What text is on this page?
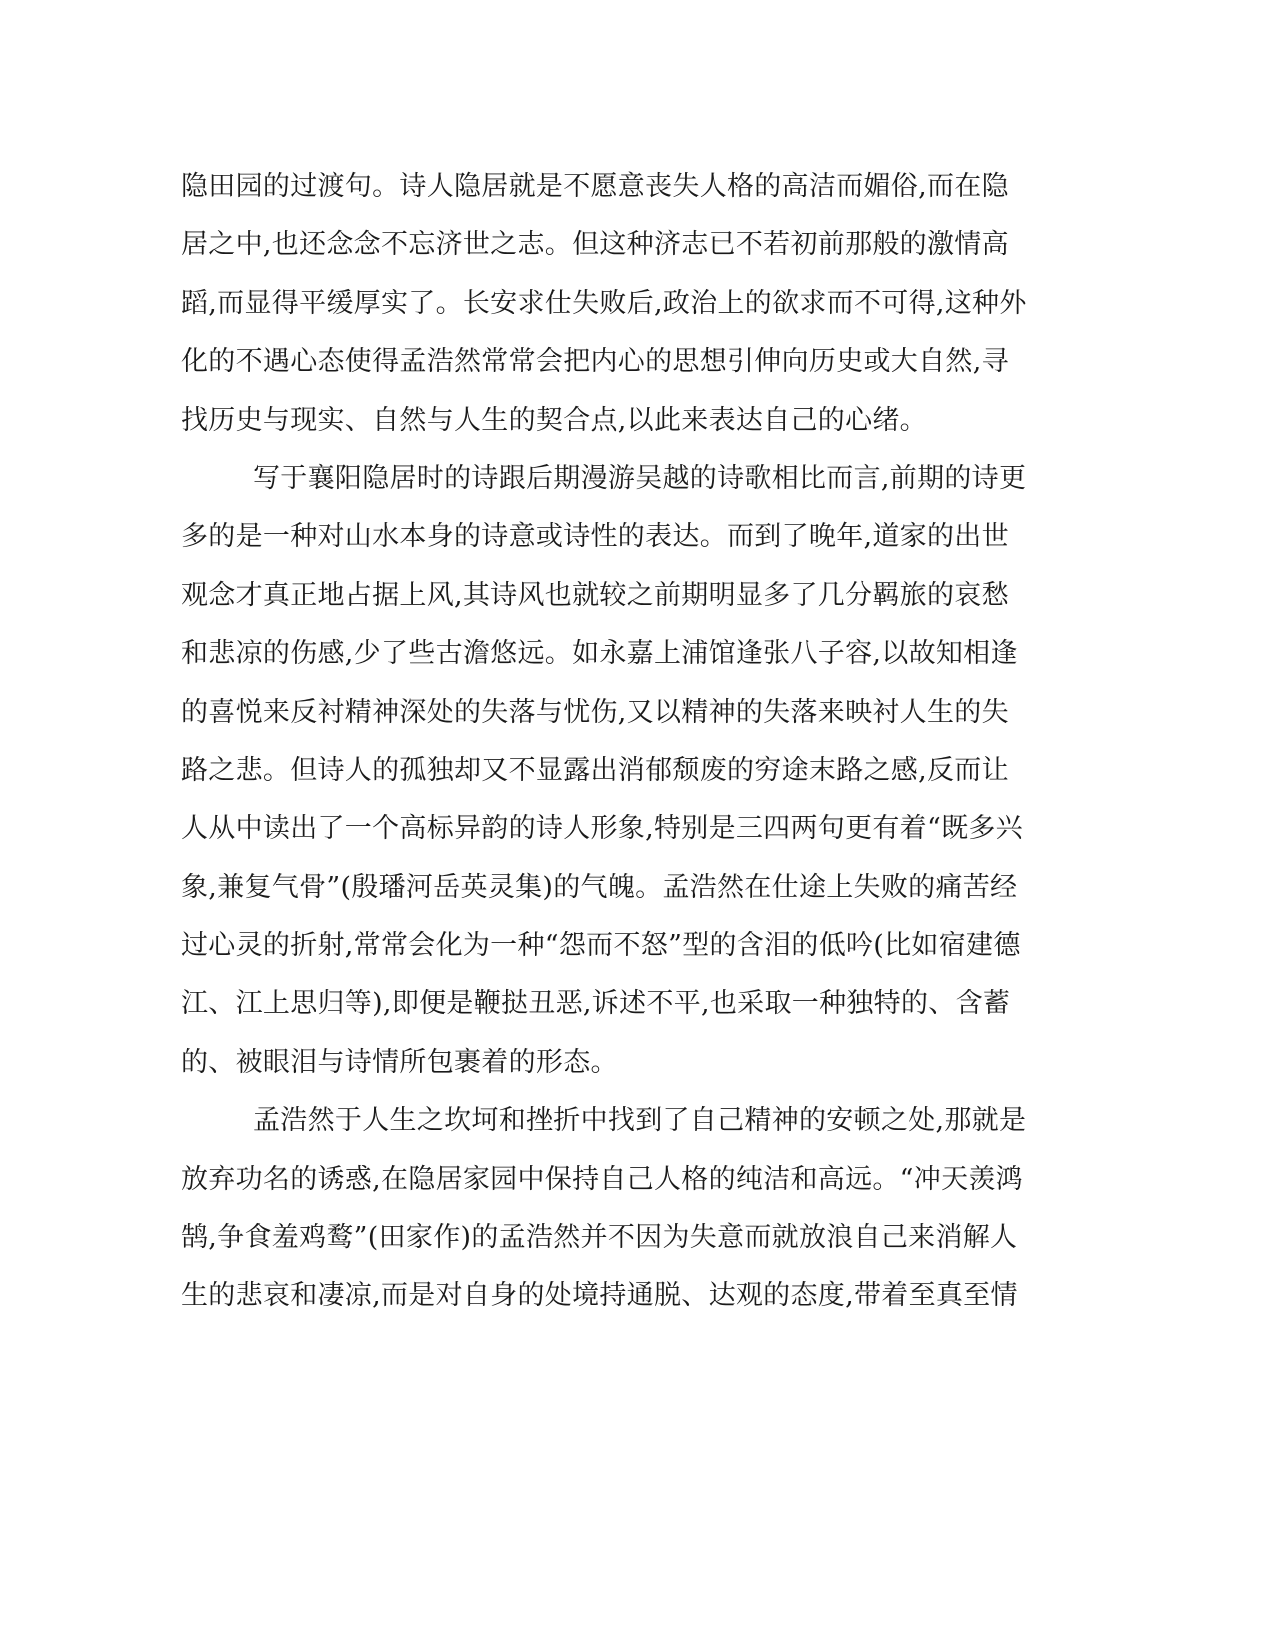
隐田园的过渡句。诗人隐居就是不愿意丧失人格的高洁而媚俗,而在隐
居之中,也还念念不忘济世之志。但这种济志已不若初前那般的激情高
蹈,而显得平缓厚实了。长安求仕失败后,政治上的欲求而不可得,这种外
化的不遇心态使得孟浩然常常会把内心的思想引伸向历史或大自然,寻
找历史与现实、自然与人生的契合点,以此来表达自己的心绪。
写于襄阳隐居时的诗跟后期漫游吴越的诗歌相比而言,前期的诗更
多的是一种对山水本身的诗意或诗性的表达。而到了晚年,道家的出世
观念才真正地占据上风,其诗风也就较之前期明显多了几分羁旅的哀愁
和悲凉的伤感,少了些古澹悠远。如永嘉上浦馆逢张八子容,以故知相逢
的喜悦来反衬精神深处的失落与忧伤,又以精神的失落来映衬人生的失
路之悲。但诗人的孤独却又不显露出消郁颓废的穷途末路之感,反而让
人从中读出了一个高标异韵的诗人形象,特别是三四两句更有着“既多兴
象,兼复气骨”(殷璠河岳英灵集)的气魄。孟浩然在仕途上失败的痛苦经
过心灵的折射,常常会化为一种“怨而不怒”型的含泪的低吟(比如宿建德
江、江上思归等),即便是鞭挞丑恶,诉述不平,也采取一种独特的、含蓄
的、被眼泪与诗情所包裹着的形态。
孟浩然于人生之坎坷和挫折中找到了自己精神的安顿之处,那就是
放弃功名的诱惑,在隐居家园中保持自己人格的纯洁和高远。“冲天羡鸿
鹄,争食羞鸡鹜”(田家作)的孟浩然并不因为失意而就放浪自己来消解人
生的悲哀和凄凉,而是对自身的处境持通脱、达观的态度,带着至真至情
